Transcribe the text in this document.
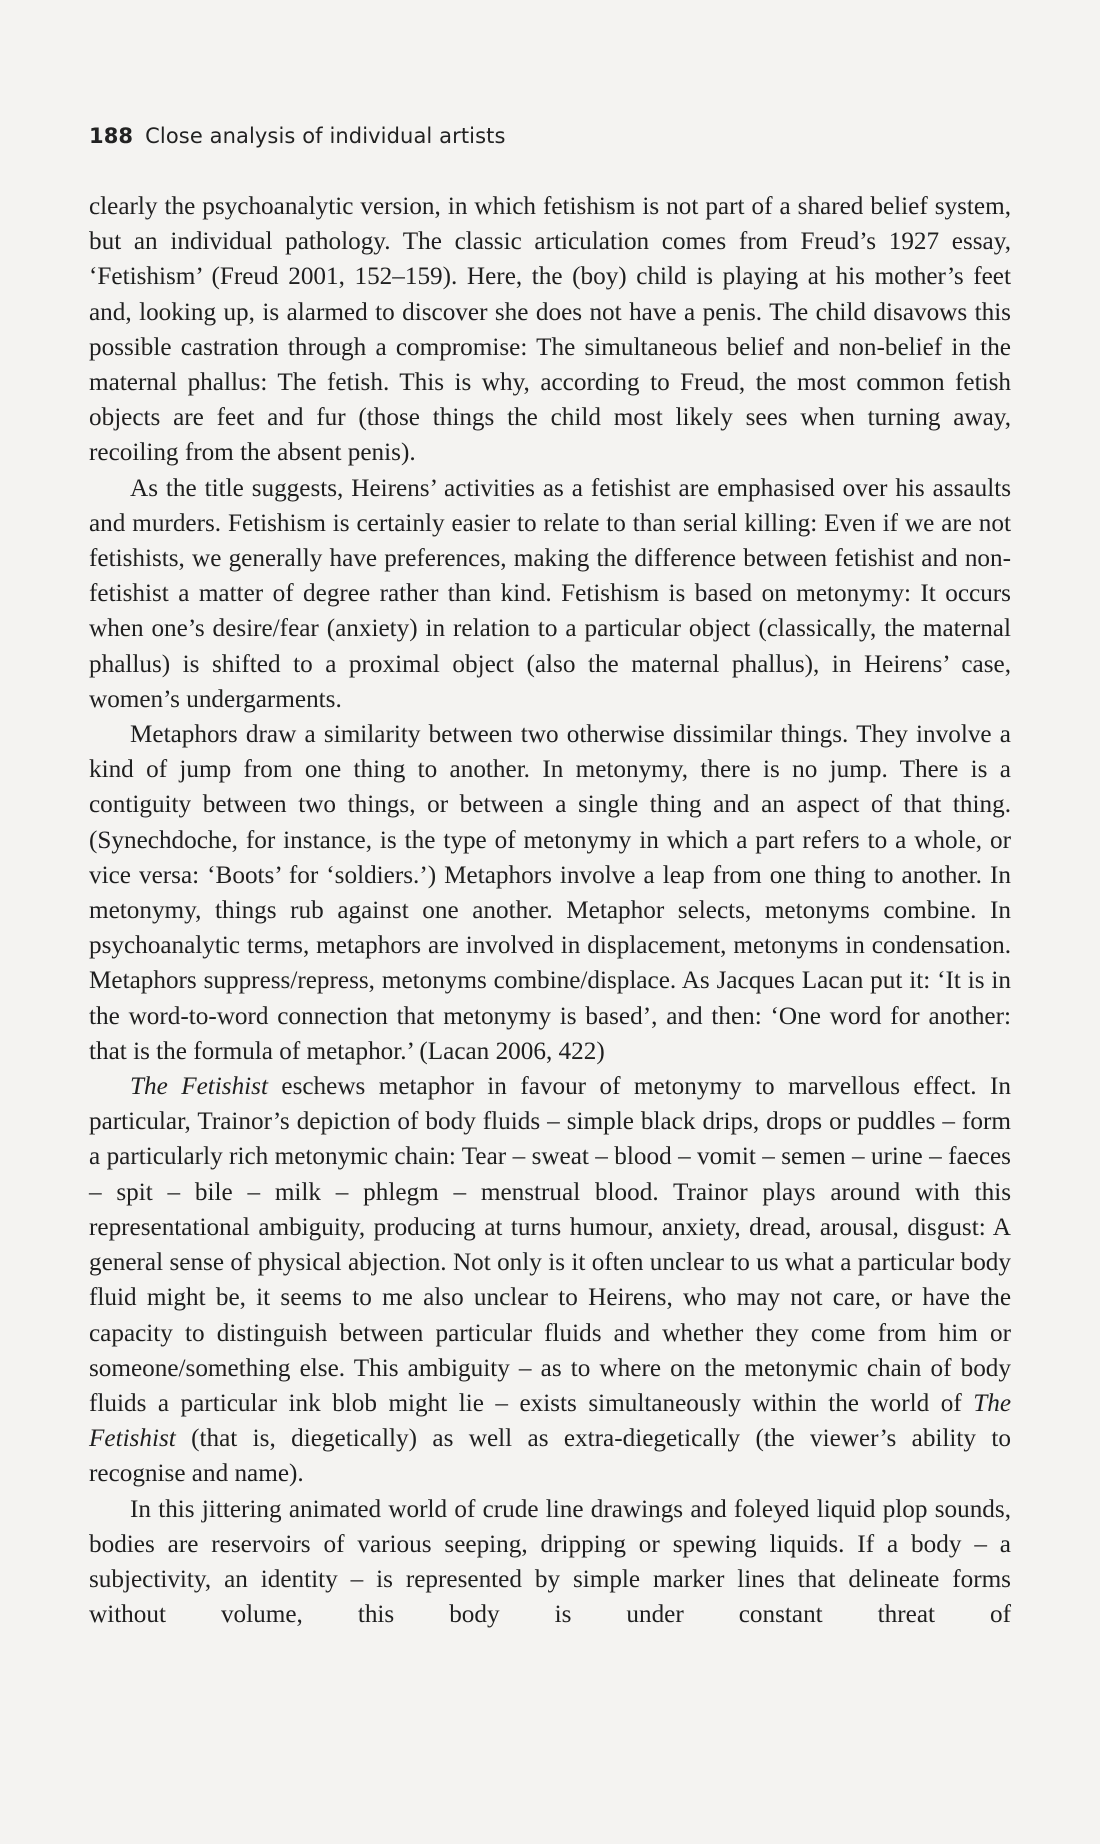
188 Close analysis of individual artists

clearly the psychoanalytic version, in which fetishism is not part of a shared belief system, but an individual pathology. The classic articulation comes from Freud’s 1927 essay, ‘Fetishism’ (Freud 2001, 152–159). Here, the (boy) child is playing at his mother’s feet and, looking up, is alarmed to discover she does not have a penis. The child disavows this possible castration through a compromise: The simultaneous belief and non-belief in the maternal phallus: The fetish. This is why, according to Freud, the most common fetish objects are feet and fur (those things the child most likely sees when turning away, recoiling from the absent penis).

As the title suggests, Heirens’ activities as a fetishist are emphasised over his assaults and murders. Fetishism is certainly easier to relate to than serial killing: Even if we are not fetishists, we generally have preferences, making the difference between fetishist and non-fetishist a matter of degree rather than kind. Fetishism is based on metonymy: It occurs when one’s desire/fear (anxiety) in relation to a particular object (classically, the maternal phallus) is shifted to a proximal object (also the maternal phallus), in Heirens’ case, women’s undergarments.

Metaphors draw a similarity between two otherwise dissimilar things. They involve a kind of jump from one thing to another. In metonymy, there is no jump. There is a contiguity between two things, or between a single thing and an aspect of that thing. (Synechdoche, for instance, is the type of metonymy in which a part refers to a whole, or vice versa: ‘Boots’ for ‘soldiers.’) Metaphors involve a leap from one thing to another. In metonymy, things rub against one another. Metaphor selects, metonyms combine. In psychoanalytic terms, metaphors are involved in displacement, metonyms in condensation. Metaphors suppress/repress, metonyms combine/displace. As Jacques Lacan put it: ‘It is in the word-to-word connection that metonymy is based’, and then: ‘One word for another: that is the formula of metaphor.’ (Lacan 2006, 422)

The Fetishist eschews metaphor in favour of metonymy to marvellous effect. In particular, Trainor’s depiction of body fluids – simple black drips, drops or puddles – form a particularly rich metonymic chain: Tear – sweat – blood – vomit – semen – urine – faeces – spit – bile – milk – phlegm – menstrual blood. Trainor plays around with this representational ambiguity, producing at turns humour, anxiety, dread, arousal, disgust: A general sense of physical abjection. Not only is it often unclear to us what a particular body fluid might be, it seems to me also unclear to Heirens, who may not care, or have the capacity to distinguish between particular fluids and whether they come from him or someone/something else. This ambiguity – as to where on the metonymic chain of body fluids a particular ink blob might lie – exists simultaneously within the world of The Fetishist (that is, diegetically) as well as extra-diegetically (the viewer’s ability to recognise and name).

In this jittering animated world of crude line drawings and foleyed liquid plop sounds, bodies are reservoirs of various seeping, dripping or spewing liquids. If a body – a subjectivity, an identity – is represented by simple marker lines that delineate forms without volume, this body is under constant threat of
